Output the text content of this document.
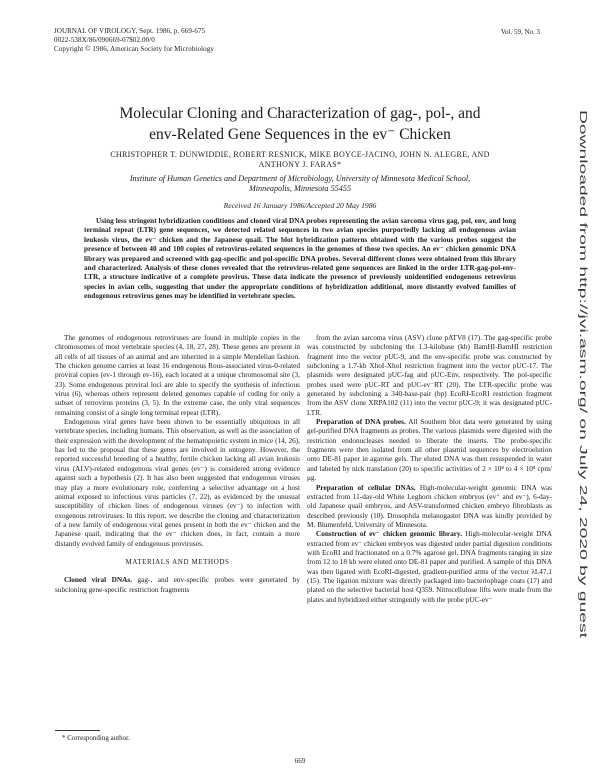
JOURNAL OF VIROLOGY, Sept. 1986, p. 669-675
0022-538X/86/090669-07$02.00/0
Copyright © 1986, American Society for Microbiology
Vol. 59, No. 3
Molecular Cloning and Characterization of gag-, pol-, and
env-Related Gene Sequences in the ev⁻ Chicken
CHRISTOPHER T. DUNWIDDIE, ROBERT RESNICK, MIKE BOYCE-JACINO, JOHN N. ALEGRE, AND
ANTHONY J. FARAS*
Institute of Human Genetics and Department of Microbiology, University of Minnesota Medical School,
Minneapolis, Minnesota 55455
Received 16 January 1986/Accepted 20 May 1986

Using less stringent hybridization conditions and cloned viral DNA probes representing the avian sarcoma virus gag, pol, env, and long terminal repeat (LTR) gene sequences, we detected related sequences in two avian species purportedly lacking all endogenous avian leukosis virus, the ev⁻ chicken and the Japanese quail. The blot hybridization patterns obtained with the various probes suggest the presence of between 40 and 100 copies of retrovirus-related sequences in the genomes of these two species. An ev⁻ chicken genomic DNA library was prepared and screened with gag-specific and pol-specific DNA probes. Several different clones were obtained from this library and characterized. Analysis of these clones revealed that the retrovirus-related gene sequences are linked in the order LTR-gag-pol-env-LTR, a structure indicative of a complete provirus. These data indicate the presence of previously unidentified endogenous retrovirus species in avian cells, suggesting that under the appropriate conditions of hybridization additional, more distantly evolved families of endogenous retrovirus genes may be identified in vertebrate species.

The genomes of endogenous retroviruses are found in multiple copies in the chromosomes of most vertebrate species (4, 18, 27, 28). These genes are present in all cells of all tissues of an animal and are inherited in a simple Mendelian fashion. The chicken genome carries at least 16 endogenous Rous-associated virus-0-related proviral copies (ev-1 through ev-16), each located at a unique chromosomal site (3, 23). Some endogenous proviral loci are able to specify the synthesis of infectious virus (6), whereas others represent deleted genomes capable of coding for only a subset of retrovirus proteins (3, 5). In the extreme case, the only viral sequences remaining consist of a single long terminal repeat (LTR).

Endogenous viral genes have been shown to be essentially ubiquitous in all vertebrate species, including humans. This observation, as well as the association of their expression with the development of the hematopoietic system in mice (14, 26), has led to the proposal that these genes are involved in ontogeny. However, the reported successful breeding of a healthy, fertile chicken lacking all avian leukosis virus (ALV)-related endogenous viral genes (ev⁻) is considered strong evidence against such a hypothesis (2). It has also been suggested that endogenous viruses may play a more evolutionary role, conferring a selective advantage on a host animal exposed to infectious virus particles (7, 22), as evidenced by the unusual susceptibility of chicken lines of endogenous viruses (ev⁻) to infection with exogenous retroviruses. In this report, we describe the cloning and characterization of a new family of endogenous viral genes present in both the ev⁻ chicken and the Japanese quail, indicating that the ev⁻ chicken does, in fact, contain a more distantly evolved family of endogenous proviruses.

MATERIALS AND METHODS

Cloned viral DNAs. gag-, and env-specific probes were generated by subcloning gene-specific restriction fragments

from the avian sarcoma virus (ASV) clone pATV8 (17). The gag-specific probe was constructed by subcloning the 1.3-kilobase (kb) BamHI-BamHI restriction fragment into the vector pUC-9, and the env-specific probe was constructed by subcloning a 1.7-kb XhoI-XhoI restriction fragment into the vector pUC-17. The plasmids were designated pUC-fag and pUC-Env, respectively. The pol-specific probes used were pUC-RT and pUC-ev⁻RT (20). The LTR-specific probe was generated by subcloning a 340-base-pair (bp) EcoRI-EcoRI restriction fragment from the ASV clone XRPA102 (11) into the vector pUC-9; it was designated pUC-LTR.

Preparation of DNA probes. All Southern blot data were generated by using gel-purified DNA fragments as probes. The various plasmids were digested with the restriction endonucleases needed to liberate the inserts. The probe-specific fragments were then isolated from all other plasmid sequences by electroelution onto DE-81 paper in agarose gels. The eluted DNA was then resuspended in water and labeled by nick translation (20) to specific activities of 2 × 10⁸ to 4 × 10⁸ cpm/μg.

Preparation of cellular DNAs. High-molecular-weight genomic DNA was extracted from 11-day-old White Leghorn chicken embryos (ev⁺ and ev⁻), 6-day-old Japanese quail embryos, and ASV-transformed chicken embryo fibroblasts as described previously (10). Drosophila melanogaster DNA was kindly provided by M. Blumenfeld, University of Minnesota.

Construction of ev⁻ chicken genomic library. High-molecular-weight DNA extracted from ev⁻ chicken embryos was digested under partial digestion conditions with EcoRI and fractionated on a 0.7% agarose gel. DNA fragments ranging in size from 12 to 18 kb were eluted onto DE-81 paper and purified. A sample of this DNA was then ligated with EcoRI-digested, gradient-purified arms of the vector λL47.1 (15). The ligation mixture was directly packaged into bacteriophage coats (17) and plated on the selective bacterial host Q359. Nitrocellulose lifts were made from the plates and hybridized either stringently with the probe pUC-ev⁻

* Corresponding author.
669
Downloaded from http://jvi.asm.org/ on July 24, 2020 by guest
